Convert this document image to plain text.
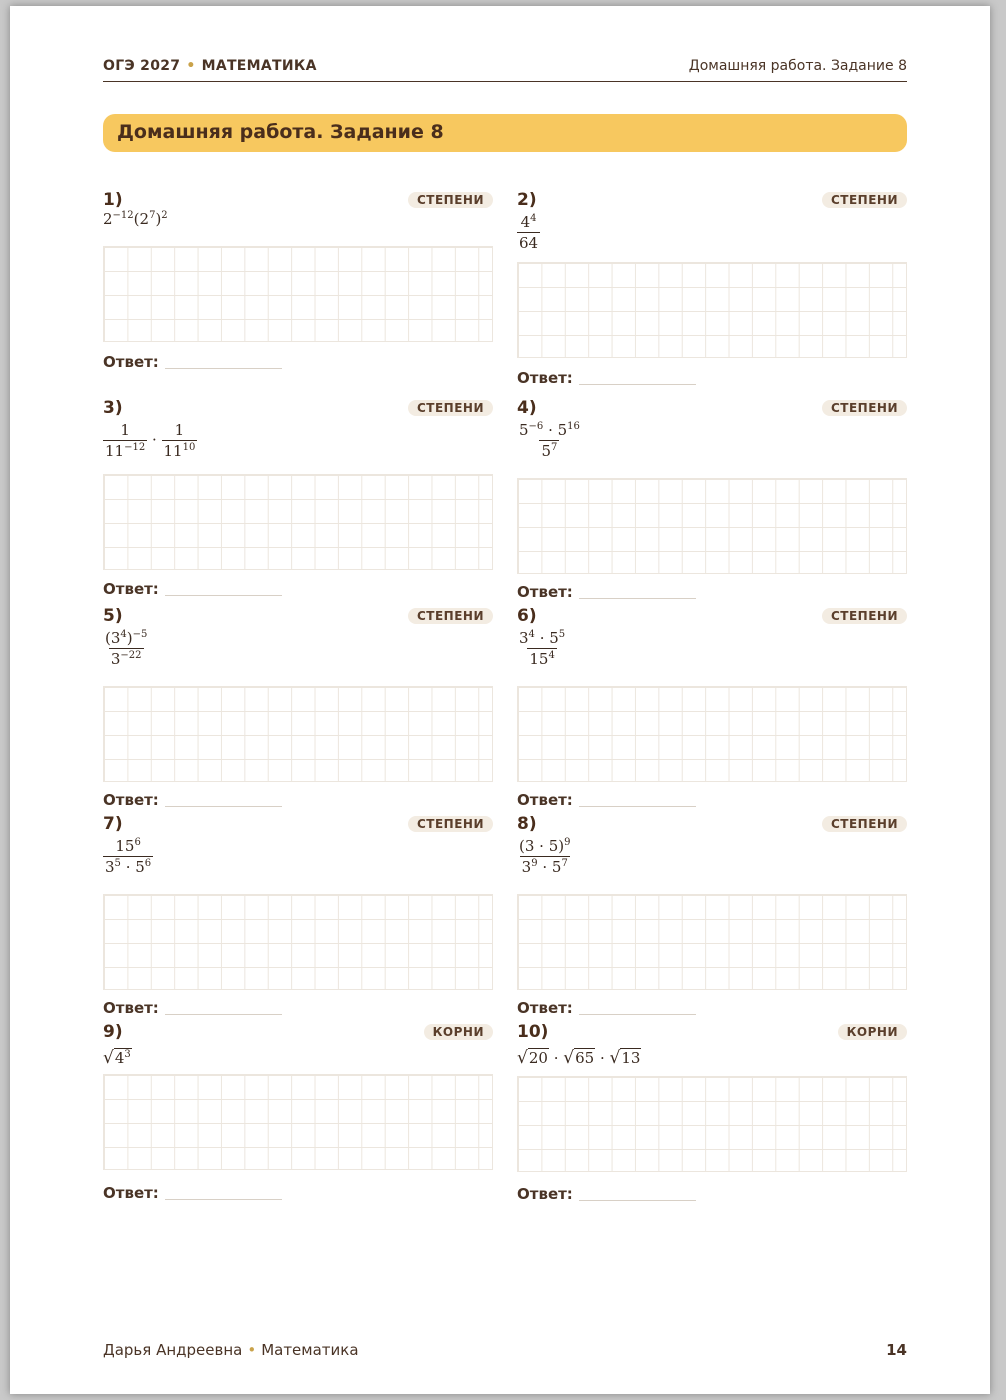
ОГЭ 2027 • МАТЕМАТИКА	Домашняя работа. Задание 8
Домашняя работа. Задание 8
1)	СТЕПЕНИ
$2^{-12}(2^7)^2$
Ответ:
2)	СТЕПЕНИ
$\frac{4^4}{64}$
Ответ:
3)	СТЕПЕНИ
$\frac{1}{11^{-12}} \cdot \frac{1}{11^{10}}$
Ответ:
4)	СТЕПЕНИ
$\frac{5^{-6} \cdot 5^{16}}{5^7}$
Ответ:
5)	СТЕПЕНИ
$\frac{(3^4)^{-5}}{3^{-22}}$
Ответ:
6)	СТЕПЕНИ
$\frac{3^4 \cdot 5^5}{15^4}$
Ответ:
7)	СТЕПЕНИ
$\frac{15^6}{3^5 \cdot 5^6}$
Ответ:
8)	СТЕПЕНИ
$\frac{(3 \cdot 5)^9}{3^9 \cdot 5^7}$
Ответ:
9)	КОРНИ
$√4^3$
Ответ:
10)	КОРНИ
√20 · √65 · √13
Ответ:
Дарья Андреевна • Математика	14
